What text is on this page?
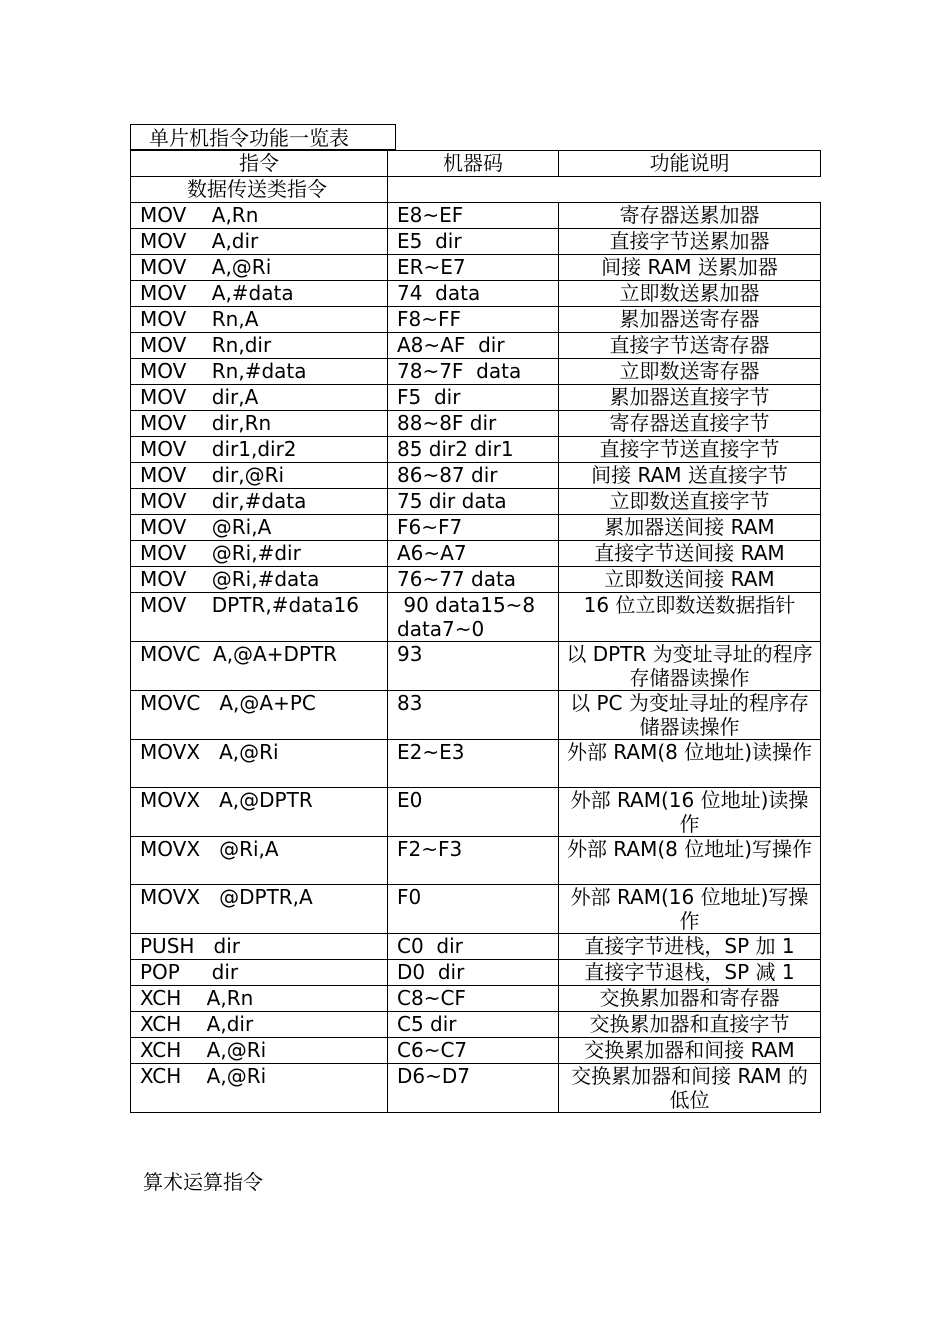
单片机指令功能一览表
指令	机器码	功能说明
数据传送类指令		
MOV    A,Rn	E8~EF	寄存器送累加器
MOV    A,dir	E5  dir	直接字节送累加器
MOV    A,@Ri	ER~E7	间接 RAM 送累加器
MOV    A,#data	74  data	立即数送累加器
MOV    Rn,A	F8~FF	累加器送寄存器
MOV    Rn,dir	A8~AF  dir	直接字节送寄存器
MOV    Rn,#data	78~7F  data	立即数送寄存器
MOV    dir,A	F5  dir	累加器送直接字节
MOV    dir,Rn	88~8F dir	寄存器送直接字节
MOV    dir1,dir2	85 dir2 dir1	直接字节送直接字节
MOV    dir,@Ri	86~87 dir	间接 RAM 送直接字节
MOV    dir,#data	75 dir data	立即数送直接字节
MOV    @Ri,A	F6~F7	累加器送间接 RAM
MOV    @Ri,#dir	A6~A7	直接字节送间接 RAM
MOV    @Ri,#data	76~77 data	立即数送间接 RAM
MOV    DPTR,#data16	90 data15~8 data7~0	16 位立即数送数据指针
MOVC  A,@A+DPTR	93	以 DPTR 为变址寻址的程序存储器读操作
MOVC   A,@A+PC	83	以 PC 为变址寻址的程序存储器读操作
MOVX   A,@Ri	E2~E3	外部 RAM(8 位地址)读操作
MOVX   A,@DPTR	E0	外部 RAM(16 位地址)读操作
MOVX   @Ri,A	F2~F3	外部 RAM(8 位地址)写操作
MOVX   @DPTR,A	F0	外部 RAM(16 位地址)写操作
PUSH   dir	C0  dir	直接字节进栈，SP 加 1
POP     dir	D0  dir	直接字节退栈，SP 减 1
XCH    A,Rn	C8~CF	交换累加器和寄存器
XCH    A,dir	C5 dir	交换累加器和直接字节
XCH    A,@Ri	C6~C7	交换累加器和间接 RAM
XCH    A,@Ri	D6~D7	交换累加器和间接 RAM 的低位
算术运算指令
